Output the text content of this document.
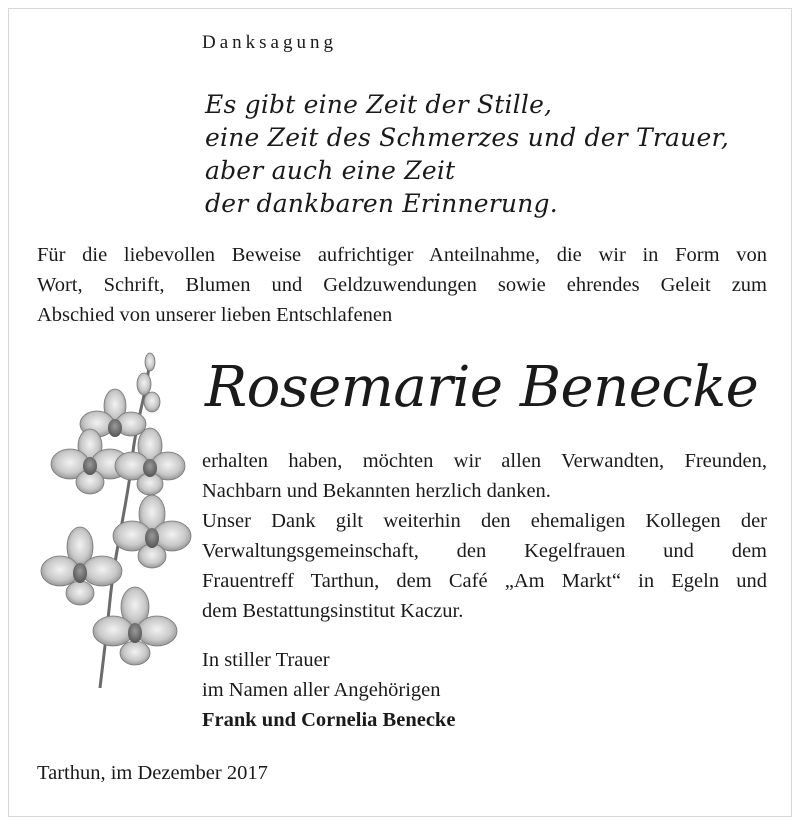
Danksagung
Es gibt eine Zeit der Stille,
eine Zeit des Schmerzes und der Trauer,
aber auch eine Zeit
der dankbaren Erinnerung.
Für die liebevollen Beweise aufrichtiger Anteilnahme, die wir in Form von
Wort, Schrift, Blumen und Geldzuwendungen sowie ehrendes Geleit zum
Abschied von unserer lieben Entschlafenen
Rosemarie Benecke
erhalten haben, möchten wir allen Verwandten, Freunden,
Nachbarn und Bekannten herzlich danken.
Unser Dank gilt weiterhin den ehemaligen Kollegen der
Verwaltungsgemeinschaft, den Kegelfrauen und dem
Frauentreff Tarthun, dem Café „Am Markt“ in Egeln und
dem Bestattungsinstitut Kaczur.
In stiller Trauer
im Namen aller Angehörigen
Frank und Cornelia Benecke
Tarthun, im Dezember 2017
